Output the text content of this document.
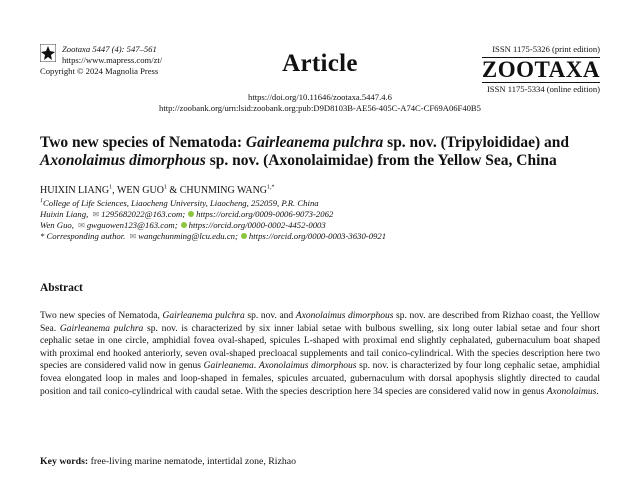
Zootaxa 5447 (4): 547–561
https://www.mapress.com/zt/
Copyright © 2024 Magnolia Press	Article
ISSN 1175-5326 (print edition)
ZOOTAXA
ISSN 1175-5334 (online edition)
https://doi.org/10.11646/zootaxa.5447.4.6
http://zoobank.org/urn:lsid:zoobank.org:pub:D9D8103B-AE56-405C-A74C-CF69A06F40B5
Two new species of Nematoda: Gairleanema pulchra sp. nov. (Tripyloididae) and
Axonolaimus dimorphous sp. nov. (Axonolaimidae) from the Yellow Sea, China
HUIXIN LIANG$^1$, WEN GUO$^1$ & CHUNMING $WANG^{1,*}$
$^1$College of Life Sciences, Liaocheng University, Liaocheng, 252059, P.R. China
Huixin Liang, ✉ 1295682022@163.com; https://orcid.org/0009-0006-9073-2062
Wen Guo, ✉ gwguowen123@163.com; https://orcid.org/0000-0002-4452-0003
* Corresponding author. ✉ wangchunming@lcu.edu.cn; https://orcid.org/0000-0003-3630-0921
Abstract
Two new species of Nematoda, Gairleanema pulchra sp. nov. and Axonolaimus dimorphous sp. nov. are described from Rizhao coast, the Yelllow Sea. Gairleanema pulchra sp. nov. is characterized by six inner labial setae with bulbous swelling, six long outer labial setae and four short cephalic setae in one circle, amphidial fovea oval-shaped, spicules L-shaped with proximal end slightly cephalated, gubernaculum boat shaped with proximal end hooked anteriorly, seven oval-shaped precloacal supplements and tail conico-cylindrical. With the species description here two species are considered valid now in genus Gairleanema. Axonolaimus dimorphous sp. nov. is characterized by four long cephalic setae, amphidial fovea elongated loop in males and loop-shaped in females, spicules arcuated, gubernaculum with dorsal apophysis slightly directed to caudal position and tail conico-cylindrical with caudal setae. With the species description here 34 species are considered valid now in genus Axonolaimus.
Key words: free-living marine nematode, intertidal zone, Rizhao
